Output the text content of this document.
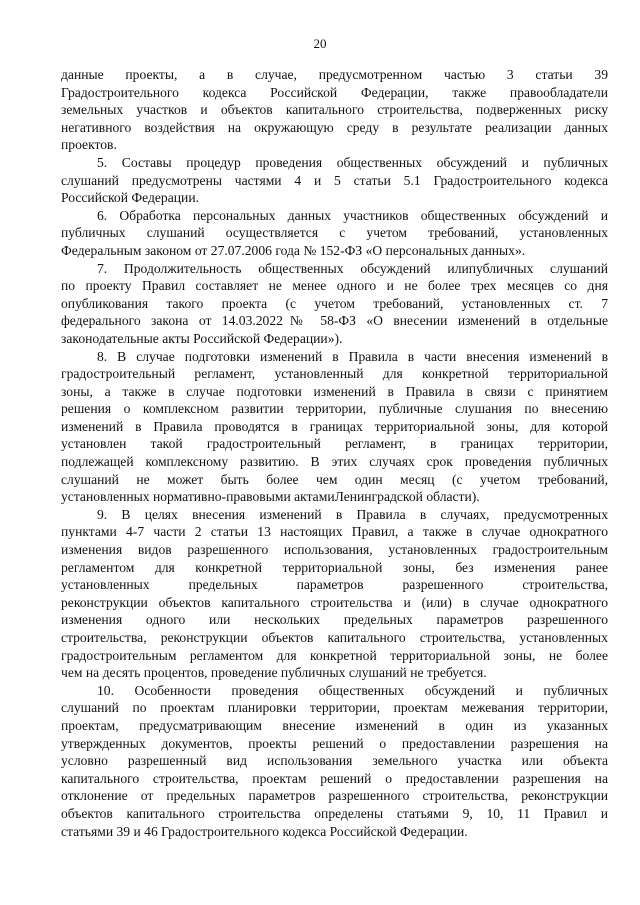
20
данные проекты, а в случае, предусмотренном частью 3 статьи 39
Градостроительного кодекса Российской Федерации, также правообладатели
земельных участков и объектов капитального строительства, подверженных риску
негативного воздействия на окружающую среду в результате реализации данных
проектов.
5. Составы процедур проведения общественных обсуждений и публичных
слушаний предусмотрены частями 4 и 5 статьи 5.1 Градостроительного кодекса
Российской Федерации.
6. Обработка персональных данных участников общественных обсуждений и
публичных слушаний осуществляется с учетом требований, установленных
Федеральным законом от 27.07.2006 года № 152-ФЗ «О персональных данных».
7. Продолжительность общественных обсуждений илипубличных слушаний
по проекту Правил составляет не менее одного и не более трех месяцев со дня
опубликования такого проекта (с учетом требований, установленных ст. 7
федерального закона от 14.03.2022№ 58-ФЗ «О внесении изменений в отдельные
законодательные акты Российской Федерации»).
8. В случае подготовки изменений в Правила в части внесения изменений в
градостроительный регламент, установленный для конкретной территориальной
зоны, а также в случае подготовки изменений в Правила в связи с принятием
решения о комплексном развитии территории, публичные слушания по внесению
изменений в Правила проводятся в границах территориальной зоны, для которой
установлен такой градостроительный регламент, в границах территории,
подлежащей комплексному развитию. В этих случаях срок проведения публичных
слушаний не может быть более чем один месяц (с учетом требований,
установленных нормативно-правовыми актамиЛенинградской области).
9. В целях внесения изменений в Правила в случаях, предусмотренных
пунктами 4-7 части 2 статьи 13 настоящих Правил, а также в случае однократного
изменения видов разрешенного использования, установленных градостроительным
регламентом для конкретной территориальной зоны, без изменения ранее
установленных предельных параметров разрешенного строительства,
реконструкции объектов капитального строительства и (или) в случае однократного
изменения одного или нескольких предельных параметров разрешенного
строительства, реконструкции объектов капитального строительства, установленных
градостроительным регламентом для конкретной территориальной зоны, не более
чем на десять процентов, проведение публичных слушаний не требуется.
10. Особенности проведения общественных обсуждений и публичных
слушаний по проектам планировки территории, проектам межевания территории,
проектам, предусматривающим внесение изменений в один из указанных
утвержденных документов, проекты решений о предоставлении разрешения на
условно разрешенный вид использования земельного участка или объекта
капитального строительства, проектам решений о предоставлении разрешения на
отклонение от предельных параметров разрешенного строительства, реконструкции
объектов капитального строительства определены статьями 9, 10, 11 Правил и
статьями 39 и 46 Градостроительного кодекса Российской Федерации.
